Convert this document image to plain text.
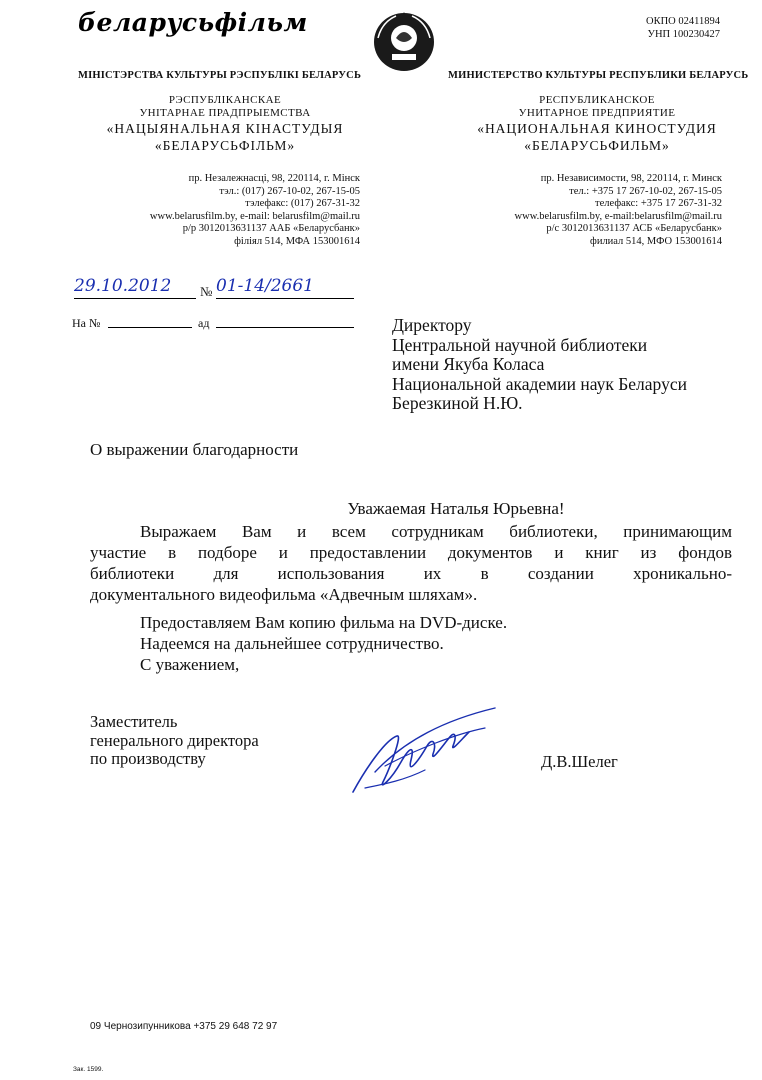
беларусьфільм	ОКПО 02411894
УНП 100230427
МІНІСТЭРСТВА КУЛЬТУРЫ РЭСПУБЛІКІ БЕЛАРУСЬ	МИНИСТЕРСТВО КУЛЬТУРЫ РЕСПУБЛИКИ БЕЛАРУСЬ
РЭСПУБЛІКАНСКАЕ
УНІТАРНАЕ ПРАДПРЫЕМСТВА
«НАЦЫЯНАЛЬНАЯ КІНАСТУДЫЯ
«БЕЛАРУСЬФІЛЬМ»
РЕСПУБЛИКАНСКОЕ
УНИТАРНОЕ ПРЕДПРИЯТИЕ
«НАЦИОНАЛЬНАЯ КИНОСТУДИЯ
«БЕЛАРУСЬФИЛЬМ»
пр. Незалежнасці, 98, 220114, г. Мінск
тэл.: (017) 267-10-02, 267-15-05
тэлефакс: (017) 267-31-32
www.belarusfilm.by, e-mail: belarusfilm@mail.ru
р/р 3012013631137 ААБ «Беларусбанк»
філіял 514, МФА 153001614
пр. Независимости, 98, 220114, г. Минск
тел.: +375 17 267-10-02, 267-15-05
телефакс: +375 17 267-31-32
www.belarusfilm.by, e-mail:belarusfilm@mail.ru
р/с 3012013631137 АСБ «Беларусбанк»
филиал 514, МФО 153001614
29.10.2012	№ 01-14/2661
На №	ад	Директору
Центральной научной библиотеки
имени Якуба Коласа
Национальной академии наук Беларуси
Березкиной Н.Ю.
О выражении благодарности
Уважаемая Наталья Юрьевна!
Выражаем Вам и всем сотрудникам библиотеки, принимающим
участие в подборе и предоставлении документов и книг из фондов
библиотеки для использования их в создании хроникально-
документального видеофильма «Адвечным шляхам».
Предоставляем Вам копию фильма на DVD-диске.
Надеемся на дальнейшее сотрудничество.
С уважением,
Заместитель
генерального директора
по производству	Д.В.Шелег
09 Чернозипунникова +375 29 648 72 97
Зак. 1599.
